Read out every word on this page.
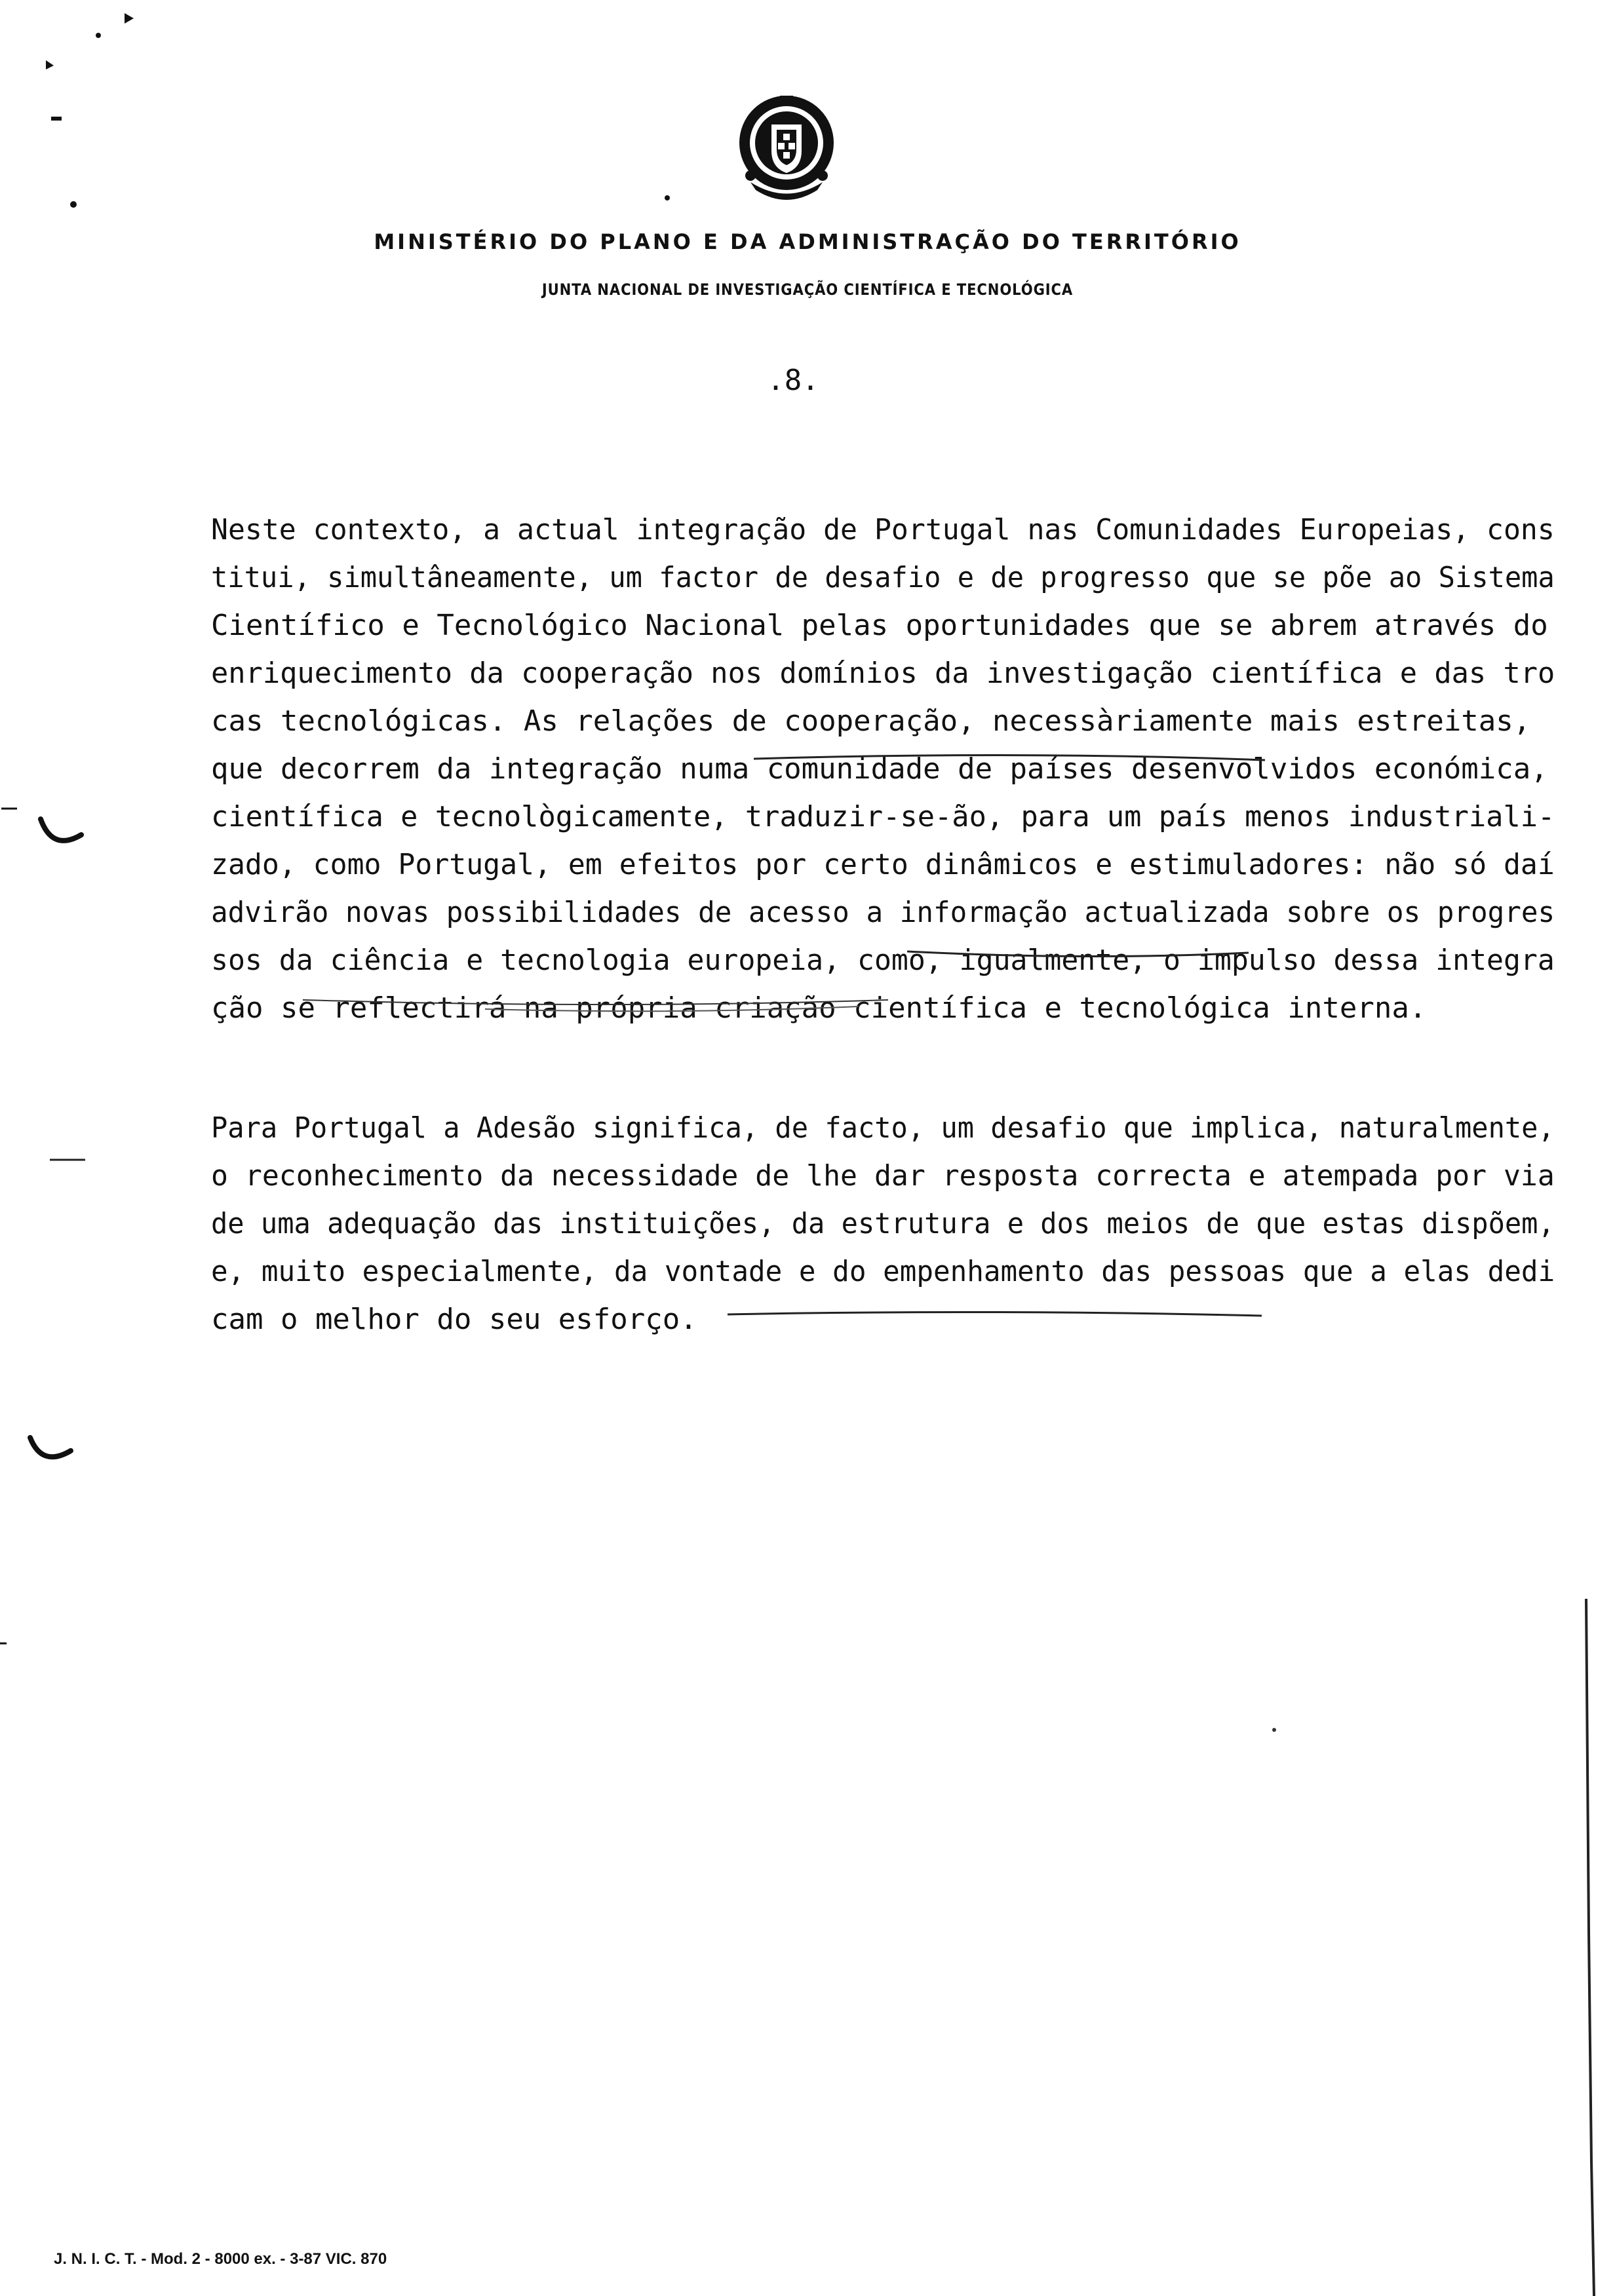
MINISTÉRIO DO PLANO E DA ADMINISTRAÇÃO DO TERRITÓRIO
JUNTA NACIONAL DE INVESTIGAÇÃO CIENTÍFICA E TECNOLÓGICA
.8.
Neste contexto, a actual integração de Portugal nas Comunidades Europeias, cons
titui, simultâneamente, um factor de desafio e de progresso que se põe ao Sistema
Científico e Tecnológico Nacional pelas oportunidades que se abrem através do
enriquecimento da cooperação nos domínios da investigação científica e das tro
cas tecnológicas. As relações de cooperação, necessàriamente mais estreitas,
que decorrem da integração numa comunidade de países desenvolvidos económica,
científica e tecnològicamente, traduzir-se-ão, para um país menos industriali-
zado, como Portugal, em efeitos por certo dinâmicos e estimuladores: não só daí
advirão novas possibilidades de acesso a informação actualizada sobre os progres
sos da ciência e tecnologia europeia, como, igualmente, o impulso dessa integra
ção se reflectirá na própria criação científica e tecnológica interna.
Para Portugal a Adesão significa, de facto, um desafio que implica, naturalmente,
o reconhecimento da necessidade de lhe dar resposta correcta e atempada por via
de uma adequação das instituições, da estrutura e dos meios de que estas dispõem,
e, muito especialmente, da vontade e do empenhamento das pessoas que a elas dedi
cam o melhor do seu esforço.
J. N. I. C. T. - Mod. 2 - 8000 ex. - 3-87 VIC. 870
